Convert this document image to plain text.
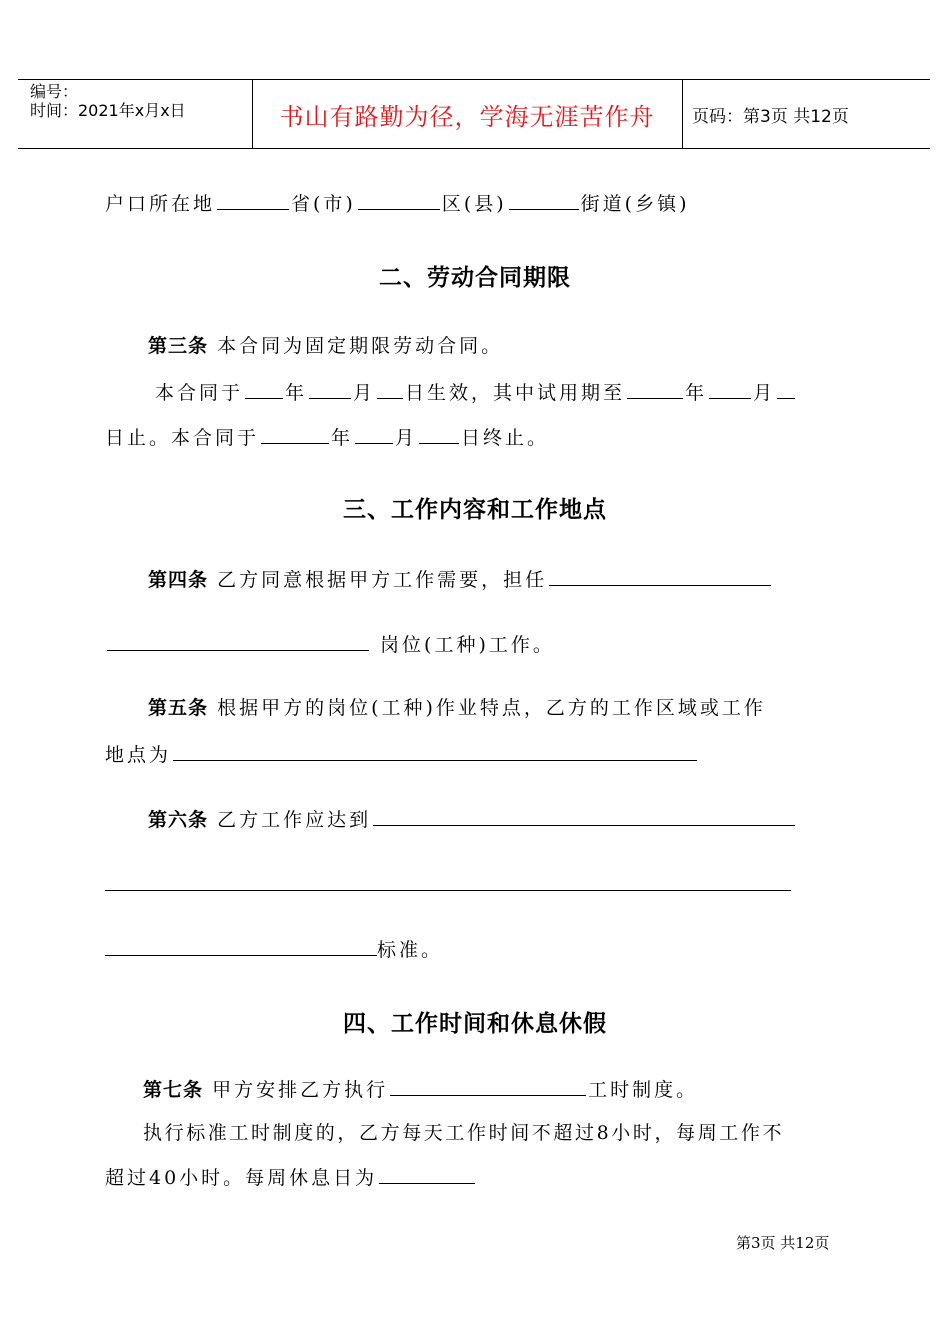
编号：
时间：2021年x月x日	书山有路勤为径，学海无涯苦作舟	页码：第3页 共12页
户口所在地	省(市)	区(县)	街道(乡镇)
二、劳动合同期限
第三条 本合同为固定期限劳动合同。
本合同于 年 月 日生效，其中试用期至	年 月
日止。本合同于	年 月 日终止。
三、工作内容和工作地点
第四条 乙方同意根据甲方工作需要，担任
岗位(工种)工作。
第五条 根据甲方的岗位(工种)作业特点，乙方的工作区域或工作
地点为
第六条 乙方工作应达到
标准。
四、工作时间和休息休假
第七条 甲方安排乙方执行	工时制度。
执行标准工时制度的，乙方每天工作时间不超过8小时，每周工作不
超过40小时。每周休息日为
第3页 共12页
